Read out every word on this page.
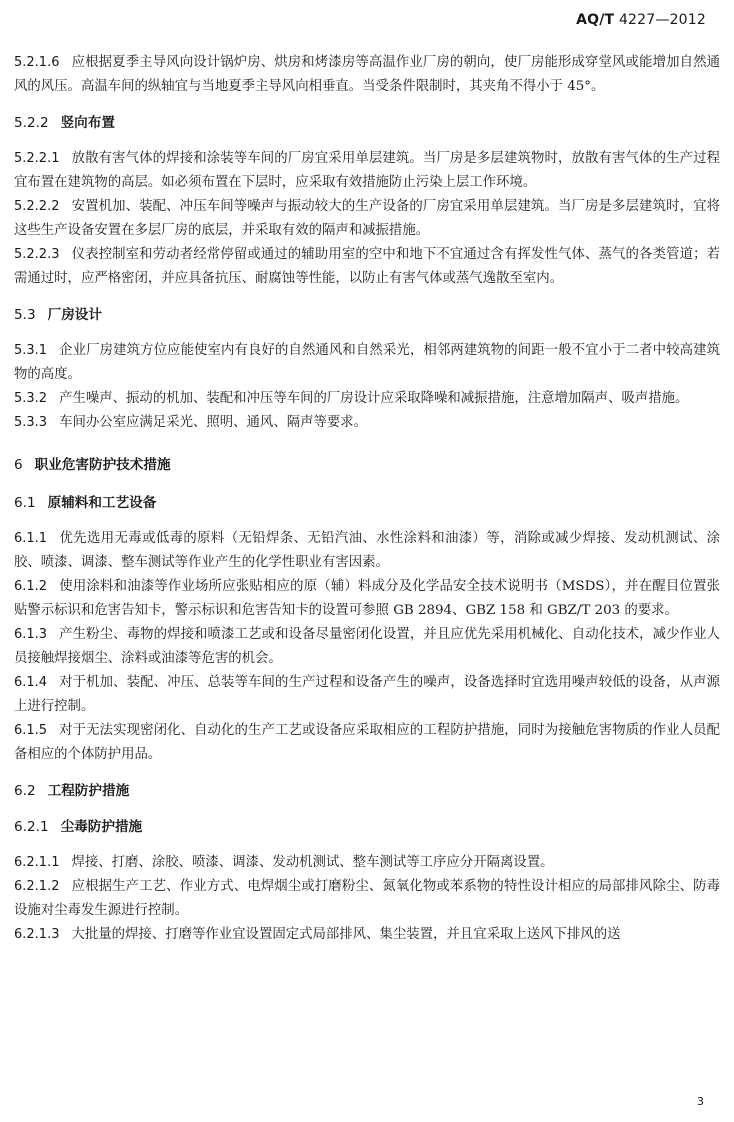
AQ/T 4227—2012

5.2.1.6 应根据夏季主导风向设计锅炉房、烘房和烤漆房等高温作业厂房的朝向，使厂房能形成穿堂风或能增加自然通风的风压。高温车间的纵轴宜与当地夏季主导风向相垂直。当受条件限制时，其夹角不得小于 45°。

5.2.2 竖向布置

5.2.2.1 放散有害气体的焊接和涂装等车间的厂房宜采用单层建筑。当厂房是多层建筑物时，放散有害气体的生产过程宜布置在建筑物的高层。如必须布置在下层时，应采取有效措施防止污染上层工作环境。

5.2.2.2 安置机加、装配、冲压车间等噪声与振动较大的生产设备的厂房宜采用单层建筑。当厂房是多层建筑时，宜将这些生产设备安置在多层厂房的底层，并采取有效的隔声和减振措施。

5.2.2.3 仪表控制室和劳动者经常停留或通过的辅助用室的空中和地下不宜通过含有挥发性气体、蒸气的各类管道；若需通过时，应严格密闭，并应具备抗压、耐腐蚀等性能，以防止有害气体或蒸气逸散至室内。

5.3 厂房设计

5.3.1 企业厂房建筑方位应能使室内有良好的自然通风和自然采光，相邻两建筑物的间距一般不宜小于二者中较高建筑物的高度。

5.3.2 产生噪声、振动的机加、装配和冲压等车间的厂房设计应采取降噪和减振措施，注意增加隔声、吸声措施。

5.3.3 车间办公室应满足采光、照明、通风、隔声等要求。

6 职业危害防护技术措施

6.1 原辅料和工艺设备

6.1.1 优先选用无毒或低毒的原料（无铅焊条、无铅汽油、水性涂料和油漆）等，消除或减少焊接、发动机测试、涂胶、喷漆、调漆、整车测试等作业产生的化学性职业有害因素。

6.1.2 使用涂料和油漆等作业场所应张贴相应的原（辅）料成分及化学品安全技术说明书（MSDS），并在醒目位置张贴警示标识和危害告知卡，警示标识和危害告知卡的设置可参照 GB 2894、GBZ 158 和 GBZ/T 203 的要求。

6.1.3 产生粉尘、毒物的焊接和喷漆工艺或和设备尽量密闭化设置，并且应优先采用机械化、自动化技术，减少作业人员接触焊接烟尘、涂料或油漆等危害的机会。

6.1.4 对于机加、装配、冲压、总装等车间的生产过程和设备产生的噪声，设备选择时宜选用噪声较低的设备，从声源上进行控制。

6.1.5 对于无法实现密闭化、自动化的生产工艺或设备应采取相应的工程防护措施，同时为接触危害物质的作业人员配备相应的个体防护用品。

6.2 工程防护措施

6.2.1 尘毒防护措施

6.2.1.1 焊接、打磨、涂胶、喷漆、调漆、发动机测试、整车测试等工序应分开隔离设置。

6.2.1.2 应根据生产工艺、作业方式、电焊烟尘或打磨粉尘、氮氧化物或苯系物的特性设计相应的局部排风除尘、防毒设施对尘毒发生源进行控制。

6.2.1.3 大批量的焊接、打磨等作业宜设置固定式局部排风、集尘装置，并且宜采取上送风下排风的送

3
